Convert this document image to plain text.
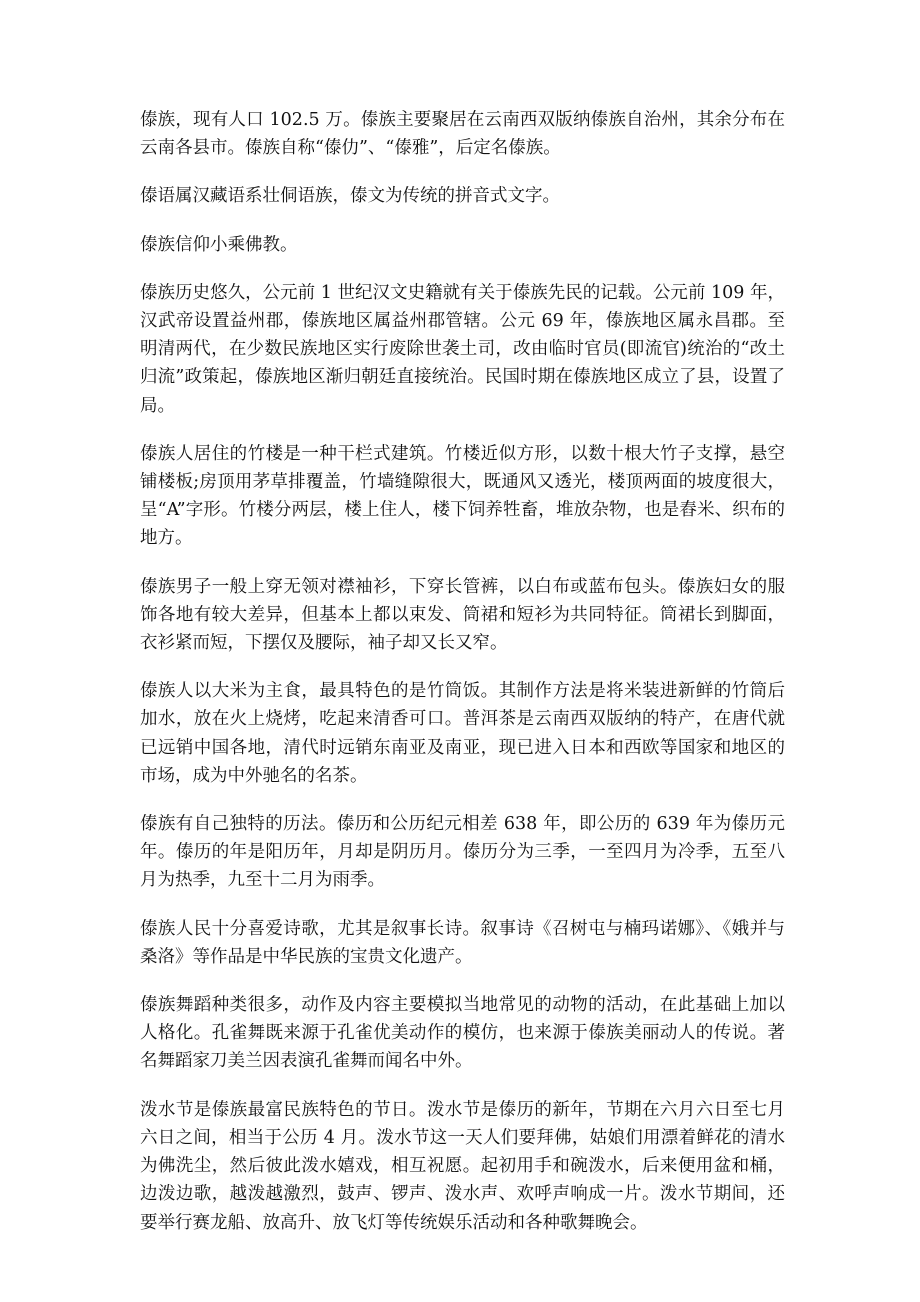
傣族，现有人口 102.5 万。傣族主要聚居在云南西双版纳傣族自治州，其余分布在云南各县市。傣族自称“傣仂”、“傣雅”，后定名傣族。

傣语属汉藏语系壮侗语族，傣文为传统的拼音式文字。

傣族信仰小乘佛教。

傣族历史悠久，公元前 1 世纪汉文史籍就有关于傣族先民的记载。公元前 109 年，汉武帝设置益州郡，傣族地区属益州郡管辖。公元 69 年，傣族地区属永昌郡。至明清两代，在少数民族地区实行废除世袭土司，改由临时官员(即流官)统治的“改土归流”政策起，傣族地区渐归朝廷直接统治。民国时期在傣族地区成立了县，设置了局。

傣族人居住的竹楼是一种干栏式建筑。竹楼近似方形，以数十根大竹子支撑，悬空铺楼板;房顶用茅草排覆盖，竹墙缝隙很大，既通风又透光，楼顶两面的坡度很大，呈“A”字形。竹楼分两层，楼上住人，楼下饲养牲畜，堆放杂物，也是舂米、织布的地方。

傣族男子一般上穿无领对襟袖衫，下穿长管裤，以白布或蓝布包头。傣族妇女的服饰各地有较大差异，但基本上都以束发、筒裙和短衫为共同特征。筒裙长到脚面，衣衫紧而短，下摆仅及腰际，袖子却又长又窄。

傣族人以大米为主食，最具特色的是竹筒饭。其制作方法是将米装进新鲜的竹筒后加水，放在火上烧烤，吃起来清香可口。普洱茶是云南西双版纳的特产，在唐代就已远销中国各地，清代时远销东南亚及南亚，现已进入日本和西欧等国家和地区的市场，成为中外驰名的名茶。

傣族有自己独特的历法。傣历和公历纪元相差 638 年，即公历的 639 年为傣历元年。傣历的年是阳历年，月却是阴历月。傣历分为三季，一至四月为冷季，五至八月为热季，九至十二月为雨季。

傣族人民十分喜爱诗歌，尤其是叙事长诗。叙事诗《召树屯与楠玛诺娜》、《娥并与桑洛》等作品是中华民族的宝贵文化遗产。

傣族舞蹈种类很多，动作及内容主要模拟当地常见的动物的活动，在此基础上加以人格化。孔雀舞既来源于孔雀优美动作的模仿，也来源于傣族美丽动人的传说。著名舞蹈家刀美兰因表演孔雀舞而闻名中外。

泼水节是傣族最富民族特色的节日。泼水节是傣历的新年，节期在六月六日至七月六日之间，相当于公历 4 月。泼水节这一天人们要拜佛，姑娘们用漂着鲜花的清水为佛洗尘，然后彼此泼水嬉戏，相互祝愿。起初用手和碗泼水，后来便用盆和桶，边泼边歌，越泼越激烈，鼓声、锣声、泼水声、欢呼声响成一片。泼水节期间，还要举行赛龙船、放高升、放飞灯等传统娱乐活动和各种歌舞晚会。
